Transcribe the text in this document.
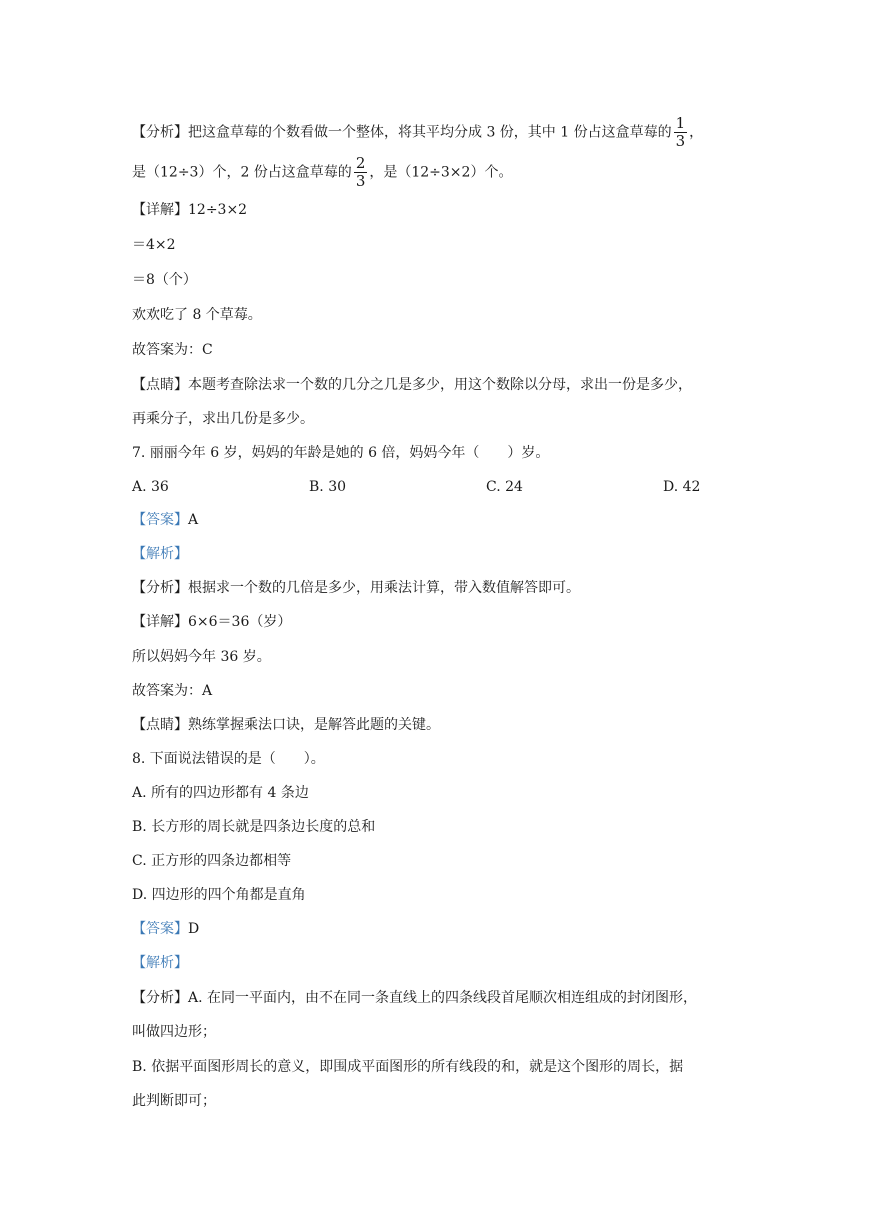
【分析】把这盒草莓的个数看做一个整体，将其平均分成 3 份，其中 1 份占这盒草莓的 $\frac{1}{3}$ ，
是（12÷3）个，2 份占这盒草莓的 $\frac{2}{3}$ ，是（12÷3×2）个。
【详解】12÷3×2
＝4×2
＝8（个）
欢欢吃了 8 个草莓。
故答案为：C
【点睛】本题考查除法求一个数的几分之几是多少，用这个数除以分母，求出一份是多少，
再乘分子，求出几份是多少。
7. 丽丽今年 6 岁，妈妈的年龄是她的 6 倍，妈妈今年（　　）岁。
A. 36	B. 30	C. 24	D. 42
【答案】A
【解析】
【分析】根据求一个数的几倍是多少，用乘法计算，带入数值解答即可。
【详解】6×6＝36（岁）
所以妈妈今年 36 岁。
故答案为：A
【点睛】熟练掌握乘法口诀，是解答此题的关键。
8. 下面说法错误的是（　　）。
A. 所有的四边形都有 4 条边
B. 长方形的周长就是四条边长度的总和
C. 正方形的四条边都相等
D. 四边形的四个角都是直角
【答案】D
【解析】
【分析】A. 在同一平面内，由不在同一条直线上的四条线段首尾顺次相连组成的封闭图形，
叫做四边形；
B. 依据平面图形周长的意义，即围成平面图形的所有线段的和，就是这个图形的周长，据
此判断即可；
